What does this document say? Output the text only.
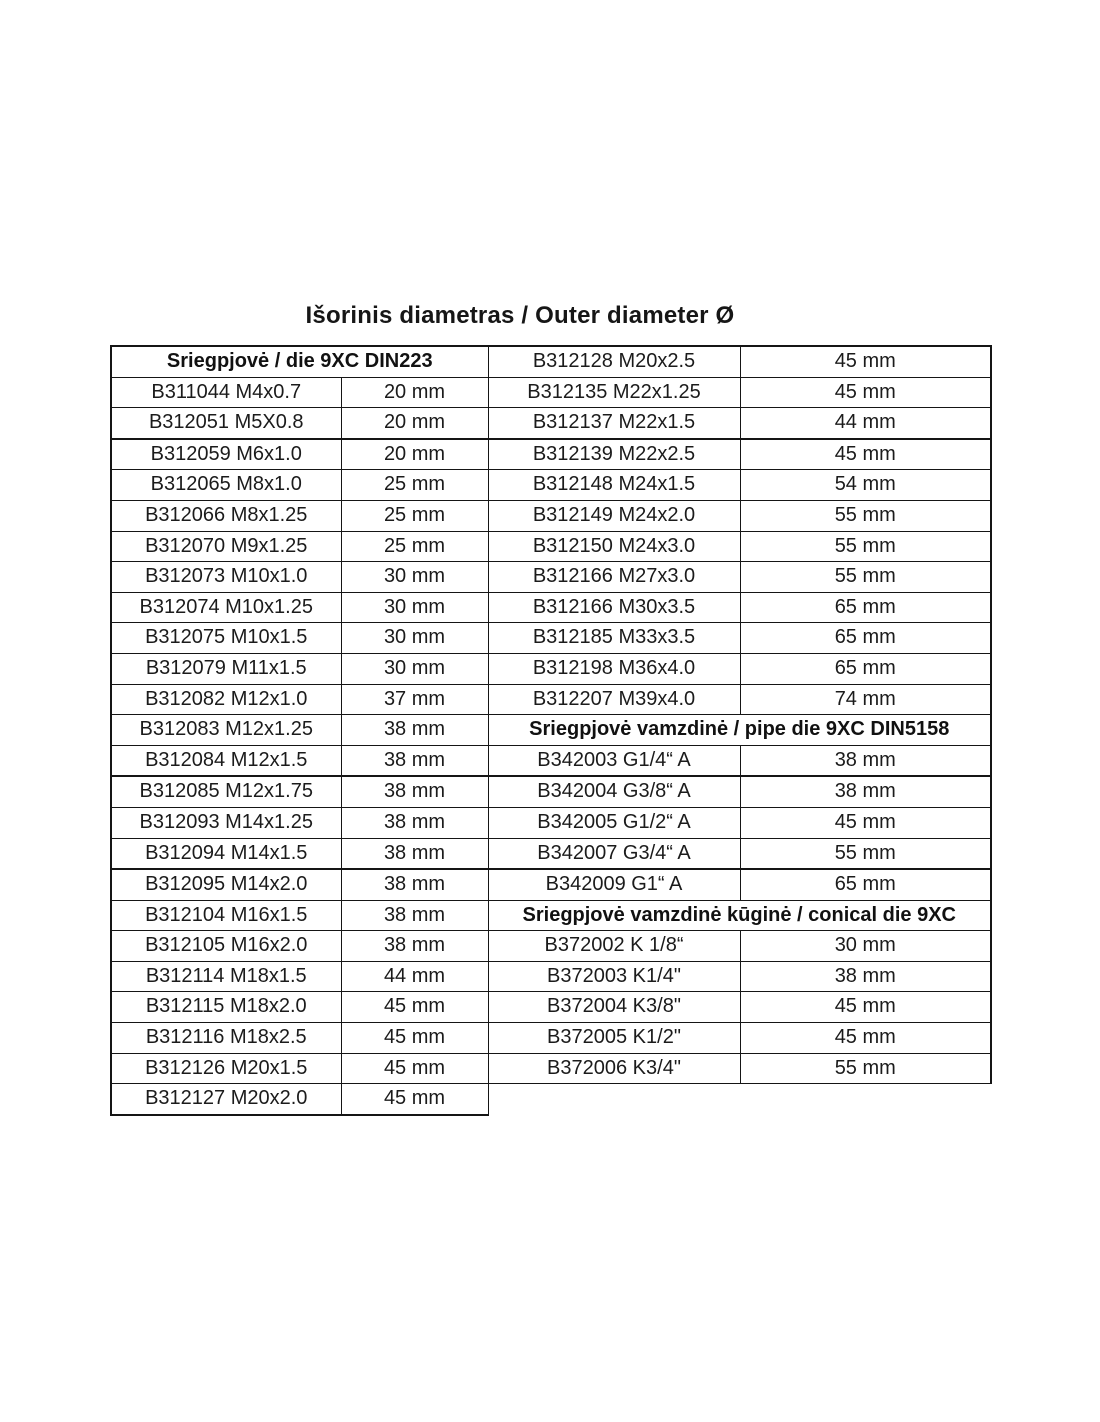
Išorinis diametras / Outer diameter Ø
Sriegpjovė / die 9XC DIN223		B312128 M20x2.5	45 mm
B311044 M4x0.7	20 mm	B312135 M22x1.25	45 mm
B312051 M5X0.8	20 mm	B312137 M22x1.5	44 mm
B312059 M6x1.0	20 mm	B312139 M22x2.5	45 mm
B312065 M8x1.0	25 mm	B312148 M24x1.5	54 mm
B312066 M8x1.25	25 mm	B312149 M24x2.0	55 mm
B312070 M9x1.25	25 mm	B312150 M24x3.0	55 mm
B312073 M10x1.0	30 mm	B312166 M27x3.0	55 mm
B312074 M10x1.25	30 mm	B312166 M30x3.5	65 mm
B312075 M10x1.5	30 mm	B312185 M33x3.5	65 mm
B312079 M11x1.5	30 mm	B312198 M36x4.0	65 mm
B312082 M12x1.0	37 mm	B312207 M39x4.0	74 mm
B312083 M12x1.25	38 mm	Sriegpjovė vamzdinė / pipe die 9XC DIN5158	
B312084 M12x1.5	38 mm	B342003 G1/4“ A	38 mm
B312085 M12x1.75	38 mm	B342004 G3/8“ A	38 mm
B312093 M14x1.25	38 mm	B342005 G1/2“ A	45 mm
B312094 M14x1.5	38 mm	B342007 G3/4“ A	55 mm
B312095 M14x2.0	38 mm	B342009 G1“ A	65 mm
B312104 M16x1.5	38 mm	Sriegpjovė vamzdinė kūginė / conical die 9XC	
B312105 M16x2.0	38 mm	B372002 K 1/8“	30 mm
B312114 M18x1.5	44 mm	B372003 K1/4"	38 mm
B312115 M18x2.0	45 mm	B372004 K3/8"	45 mm
B312116 M18x2.5	45 mm	B372005 K1/2"	45 mm
B312126 M20x1.5	45 mm	B372006 K3/4"	55 mm
B312127 M20x2.0	45 mm		
